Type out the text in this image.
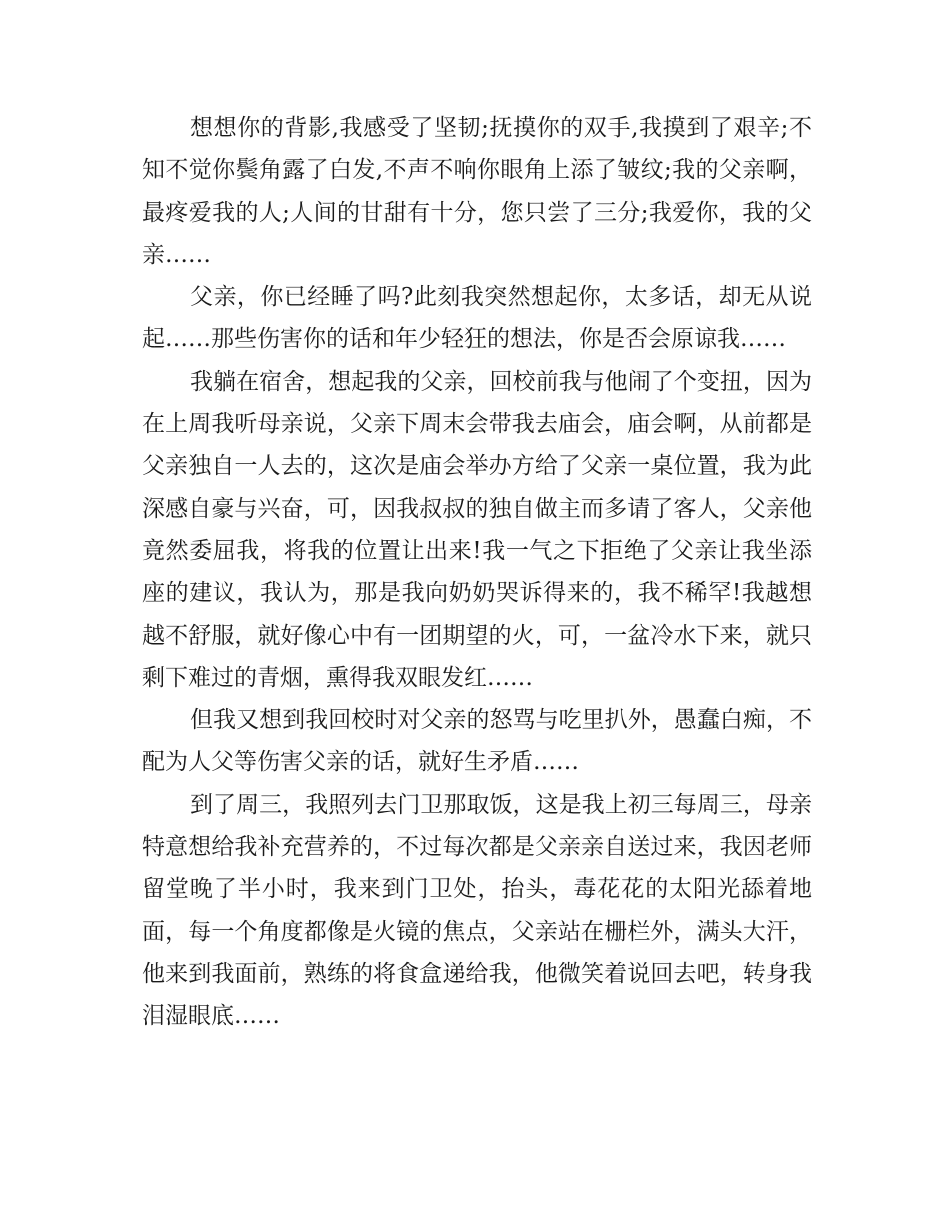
想想你的背影,我感受了坚韧;抚摸你的双手,我摸到了艰辛;不知不觉你鬓角露了白发,不声不响你眼角上添了皱纹;我的父亲啊，最疼爱我的人;人间的甘甜有十分，您只尝了三分;我爱你，我的父亲……

父亲，你已经睡了吗?此刻我突然想起你，太多话，却无从说起……那些伤害你的话和年少轻狂的想法，你是否会原谅我……

我躺在宿舍，想起我的父亲，回校前我与他闹了个变扭，因为在上周我听母亲说，父亲下周末会带我去庙会，庙会啊，从前都是父亲独自一人去的，这次是庙会举办方给了父亲一桌位置，我为此深感自豪与兴奋，可，因我叔叔的独自做主而多请了客人，父亲他竟然委屈我，将我的位置让出来!我一气之下拒绝了父亲让我坐添座的建议，我认为，那是我向奶奶哭诉得来的，我不稀罕!我越想越不舒服，就好像心中有一团期望的火，可，一盆冷水下来，就只剩下难过的青烟，熏得我双眼发红……

但我又想到我回校时对父亲的怒骂与吃里扒外，愚蠢白痴，不配为人父等伤害父亲的话，就好生矛盾……

到了周三，我照列去门卫那取饭，这是我上初三每周三，母亲特意想给我补充营养的，不过每次都是父亲亲自送过来，我因老师留堂晚了半小时，我来到门卫处，抬头，毒花花的太阳光舔着地面，每一个角度都像是火镜的焦点，父亲站在栅栏外，满头大汗，他来到我面前，熟练的将食盒递给我，他微笑着说回去吧，转身我泪湿眼底……
